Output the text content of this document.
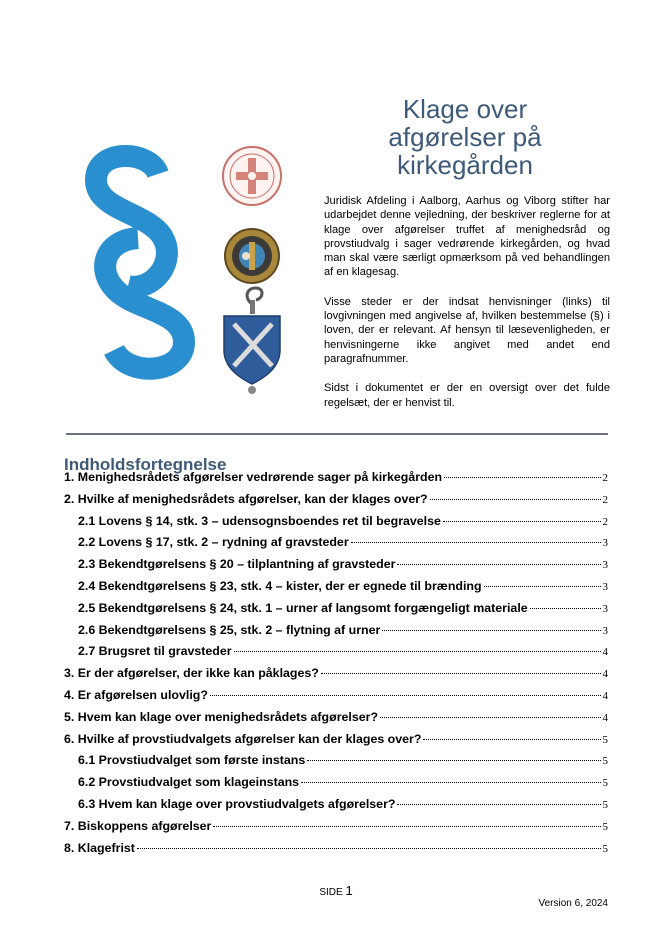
Klage over
afgørelser på
kirkegården

Juridisk Afdeling i Aalborg, Aarhus og Viborg stifter har udarbejdet denne vejledning, der beskriver reglerne for at klage over afgørelser truffet af menighedsråd og provstiudvalg i sager vedrørende kirkegården, og hvad man skal være særligt opmærksom på ved behandlingen af en klagesag.

Visse steder er der indsat henvisninger (links) til lovgivningen med angivelse af, hvilken bestemmelse (§) i loven, der er relevant. Af hensyn til læsevenligheden, er henvisningerne ikke angivet med andet end paragrafnummer.

Sidst i dokumentet er der en oversigt over det fulde regelsæt, der er henvist til.

Indholdsfortegnelse
1. Menighedsrådets afgørelser vedrørende sager på kirkegården	2
2. Hvilke af menighedsrådets afgørelser, kan der klages over?	2
2.1 Lovens § 14, stk. 3 – udensognsboendes ret til begravelse	2
2.2 Lovens § 17, stk. 2 – rydning af gravsteder	3
2.3 Bekendtgørelsens § 20 – tilplantning af gravsteder	3
2.4 Bekendtgørelsens § 23, stk. 4 – kister, der er egnede til brænding	3
2.5 Bekendtgørelsens § 24, stk. 1 – urner af langsomt forgængeligt materiale	3
2.6 Bekendtgørelsens § 25, stk. 2 – flytning af urner	3
2.7 Brugsret til gravsteder	4
3. Er der afgørelser, der ikke kan påklages?	4
4. Er afgørelsen ulovlig?	4
5. Hvem kan klage over menighedsrådets afgørelser?	4
6. Hvilke af provstiudvalgets afgørelser kan der klages over?	5
6.1 Provstiudvalget som første instans	5
6.2 Provstiudvalget som klageinstans	5
6.3 Hvem kan klage over provstiudvalgets afgørelser?	5
7. Biskoppens afgørelser	5
8. Klagefrist	5
SIDE 1
Version 6, 2024
